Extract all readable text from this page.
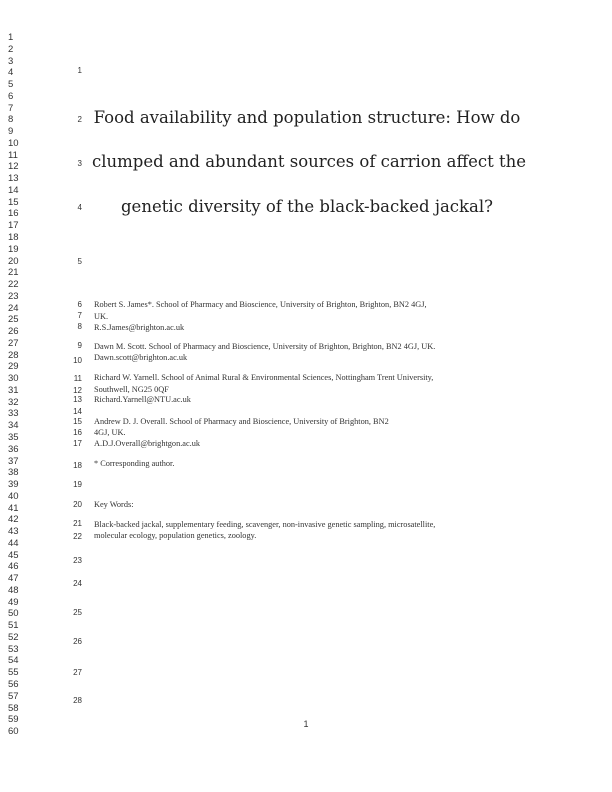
1
2
3
4
5
6
7
8
9
10
11
12
13
14
15
16
17
18
19
20
21
22
23
24
25
26
27
28
29
30
31
32
33
34
35
36
37
38
39
40
41
42
43
44
45
46
47
48
49
50
51
52
53
54
55
56
57
58
59
60
1
2
3
4
5
6
7
8
9
10
11
12
13
14
15
16
17
18
19
20
21
22
23
24
25
26
27
28
Food availability and population structure: How do
clumped and abundant sources of carrion affect the
genetic diversity of the black-backed jackal?
Robert S. James*. School of Pharmacy and Bioscience, University of Brighton, Brighton, BN2 4GJ,
UK.
R.S.James@brighton.ac.uk
Dawn M. Scott. School of Pharmacy and Bioscience, University of Brighton, Brighton, BN2 4GJ, UK.
Dawn.scott@brighton.ac.uk
Richard W. Yarnell. School of Animal Rural & Environmental Sciences, Nottingham Trent University,
Southwell, NG25 0QF
Richard.Yarnell@NTU.ac.uk
Andrew D. J. Overall. School of Pharmacy and Bioscience, University of Brighton, BN2
4GJ, UK.
A.D.J.Overall@brightgon.ac.uk
* Corresponding author.
Key Words:
Black-backed jackal, supplementary feeding, scavenger, non-invasive genetic sampling, microsatellite,
molecular ecology, population genetics, zoology.
1
